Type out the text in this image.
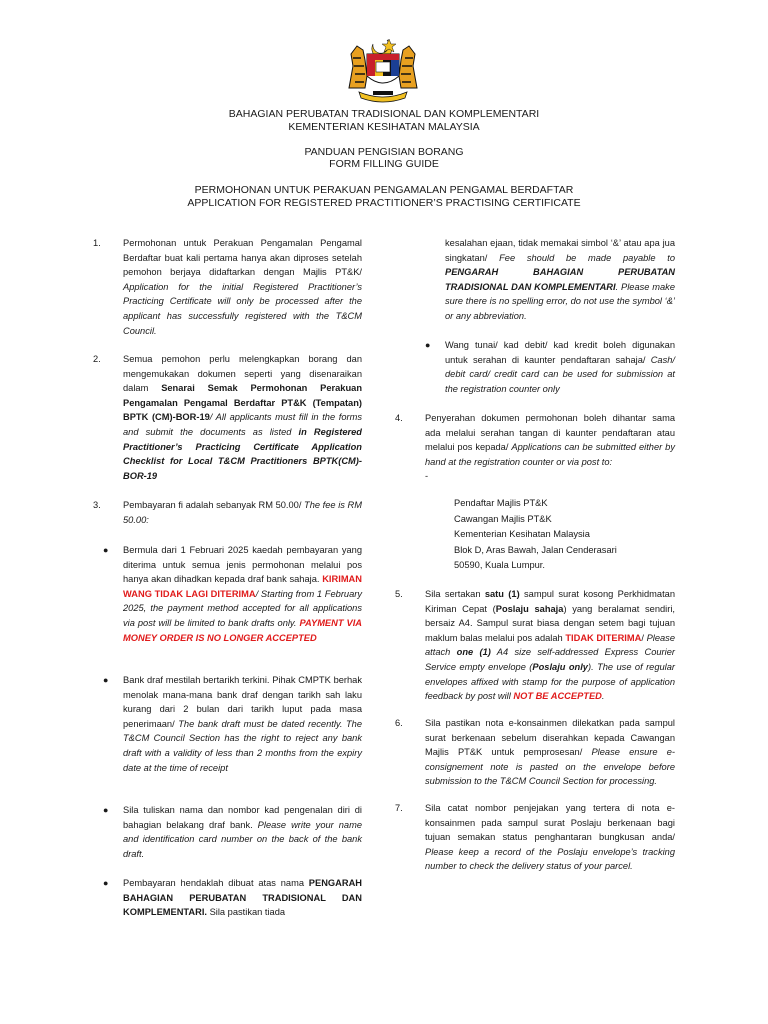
BAHAGIAN PERUBATAN TRADISIONAL DAN KOMPLEMENTARI
KEMENTERIAN KESIHATAN MALAYSIA
PANDUAN PENGISIAN BORANG
FORM FILLING GUIDE
PERMOHONAN UNTUK PERAKUAN PENGAMALAN PENGAMAL BERDAFTAR
APPLICATION FOR REGISTERED PRACTITIONER’S PRACTISING CERTIFICATE
1. Permohonan untuk Perakuan Pengamalan Pengamal Berdaftar buat kali pertama hanya akan diproses setelah pemohon berjaya didaftarkan dengan Majlis PT&K/ Application for the initial Registered Practitioner’s Practicing Certificate will only be processed after the applicant has successfully registered with the T&CM Council.
2. Semua pemohon perlu melengkapkan borang dan mengemukakan dokumen seperti yang disenaraikan dalam Senarai Semak Permohonan Perakuan Pengamalan Pengamal Berdaftar PT&K (Tempatan) BPTK (CM)-BOR-19/ All applicants must fill in the forms and submit the documents as listed in Registered Practitioner’s Practicing Certificate Application Checklist for Local T&CM Practitioners BPTK(CM)-BOR-19
3. Pembayaran fi adalah sebanyak RM 50.00/ The fee is RM 50.00:
● Bermula dari 1 Februari 2025 kaedah pembayaran yang diterima untuk semua jenis permohonan melalui pos hanya akan dihadkan kepada draf bank sahaja. KIRIMAN WANG TIDAK LAGI DITERIMA/ Starting from 1 February 2025, the payment method accepted for all applications via post will be limited to bank drafts only. PAYMENT VIA MONEY ORDER IS NO LONGER ACCEPTED
● Bank draf mestilah bertarikh terkini. Pihak CMPTK berhak menolak mana-mana bank draf dengan tarikh sah laku kurang dari 2 bulan dari tarikh luput pada masa penerimaan/ The bank draft must be dated recently. The T&CM Council Section has the right to reject any bank draft with a validity of less than 2 months from the expiry date at the time of receipt
● Sila tuliskan nama dan nombor kad pengenalan diri di bahagian belakang draf bank. Please write your name and identification card number on the back of the bank draft.
● Pembayaran hendaklah dibuat atas nama PENGARAH BAHAGIAN PERUBATAN TRADISIONAL DAN KOMPLEMENTARI. Sila pastikan tiada
kesalahan ejaan, tidak memakai simbol ‘&’ atau apa jua singkatan/ Fee should be made payable to PENGARAH BAHAGIAN PERUBATAN TRADISIONAL DAN KOMPLEMENTARI. Please make sure there is no spelling error, do not use the symbol ‘&’ or any abbreviation.
● Wang tunai/ kad debit/ kad kredit boleh digunakan untuk serahan di kaunter pendaftaran sahaja/ Cash/ debit card/ credit card can be used for submission at the registration counter only
4. Penyerahan dokumen permohonan boleh dihantar sama ada melalui serahan tangan di kaunter pendaftaran atau melalui pos kepada/ Applications can be submitted either by hand at the registration counter or via post to:
-
Pendaftar Majlis PT&K
Cawangan Majlis PT&K
Kementerian Kesihatan Malaysia
Blok D, Aras Bawah, Jalan Cenderasari
50590, Kuala Lumpur.
5. Sila sertakan satu (1) sampul surat kosong Perkhidmatan Kiriman Cepat (Poslaju sahaja) yang beralamat sendiri, bersaiz A4. Sampul surat biasa dengan setem bagi tujuan maklum balas melalui pos adalah TIDAK DITERIMA/ Please attach one (1) A4 size self-addressed Express Courier Service empty envelope (Poslaju only). The use of regular envelopes affixed with stamp for the purpose of application feedback by post will NOT BE ACCEPTED.
6. Sila pastikan nota e-konsainmen dilekatkan pada sampul surat berkenaan sebelum diserahkan kepada Cawangan Majlis PT&K untuk pemprosesan/ Please ensure e-consignement note is pasted on the envelope before submission to the T&CM Council Section for processing.
7. Sila catat nombor penjejakan yang tertera di nota e-konsainmen pada sampul surat Poslaju berkenaan bagi tujuan semakan status penghantaran bungkusan anda/ Please keep a record of the Poslaju envelope’s tracking number to check the delivery status of your parcel.
